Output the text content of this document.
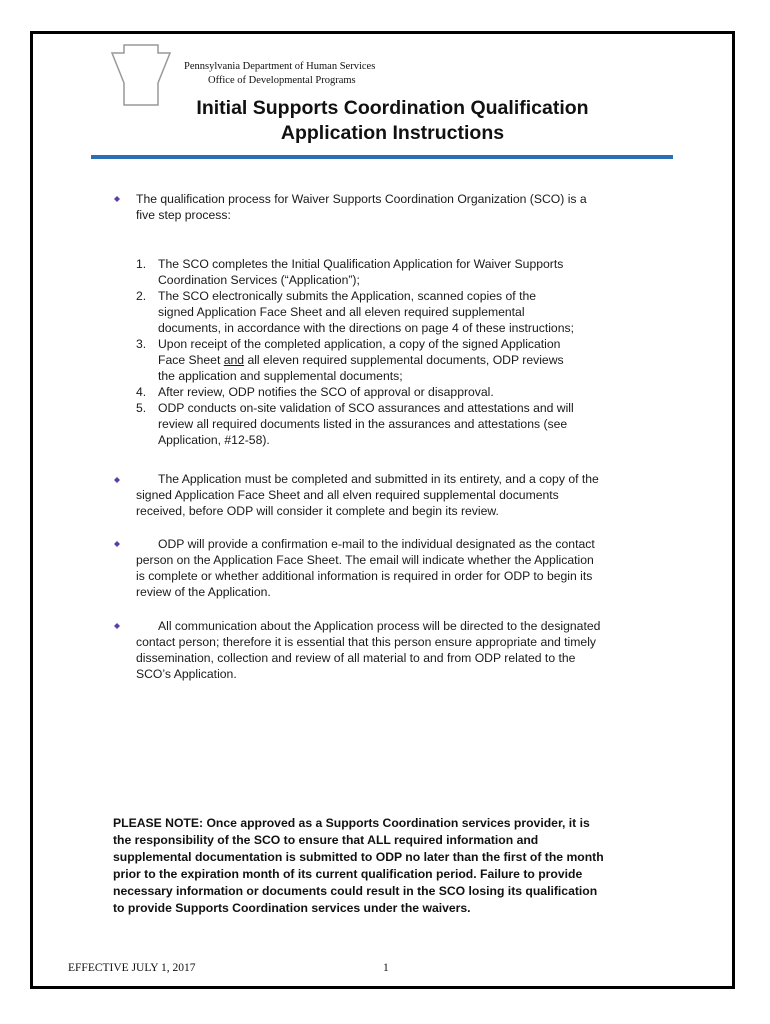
Pennsylvania Department of Human Services
Office of Developmental Programs
Initial Supports Coordination Qualification
Application Instructions
The qualification process for Waiver Supports Coordination Organization (SCO) is a
five step process:
1. The SCO completes the Initial Qualification Application for Waiver Supports
Coordination Services (“Application”);
2. The SCO electronically submits the Application, scanned copies of the
signed Application Face Sheet and all eleven required supplemental
documents, in accordance with the directions on page 4 of these instructions;
3. Upon receipt of the completed application, a copy of the signed Application
Face Sheet and all eleven required supplemental documents, ODP reviews
the application and supplemental documents;
4. After review, ODP notifies the SCO of approval or disapproval.
5. ODP conducts on-site validation of SCO assurances and attestations and will
review all required documents listed in the assurances and attestations (see
Application, #12-58).
The Application must be completed and submitted in its entirety, and a copy of the
signed Application Face Sheet and all elven required supplemental documents
received, before ODP will consider it complete and begin its review.
ODP will provide a confirmation e-mail to the individual designated as the contact
person on the Application Face Sheet. The email will indicate whether the Application
is complete or whether additional information is required in order for ODP to begin its
review of the Application.
All communication about the Application process will be directed to the designated
contact person; therefore it is essential that this person ensure appropriate and timely
dissemination, collection and review of all material to and from ODP related to the
SCO’s Application.
PLEASE NOTE: Once approved as a Supports Coordination services provider, it is
the responsibility of the SCO to ensure that ALL required information and
supplemental documentation is submitted to ODP no later than the first of the month
prior to the expiration month of its current qualification period. Failure to provide
necessary information or documents could result in the SCO losing its qualification
to provide Supports Coordination services under the waivers.
EFFECTIVE JULY 1, 2017	1
